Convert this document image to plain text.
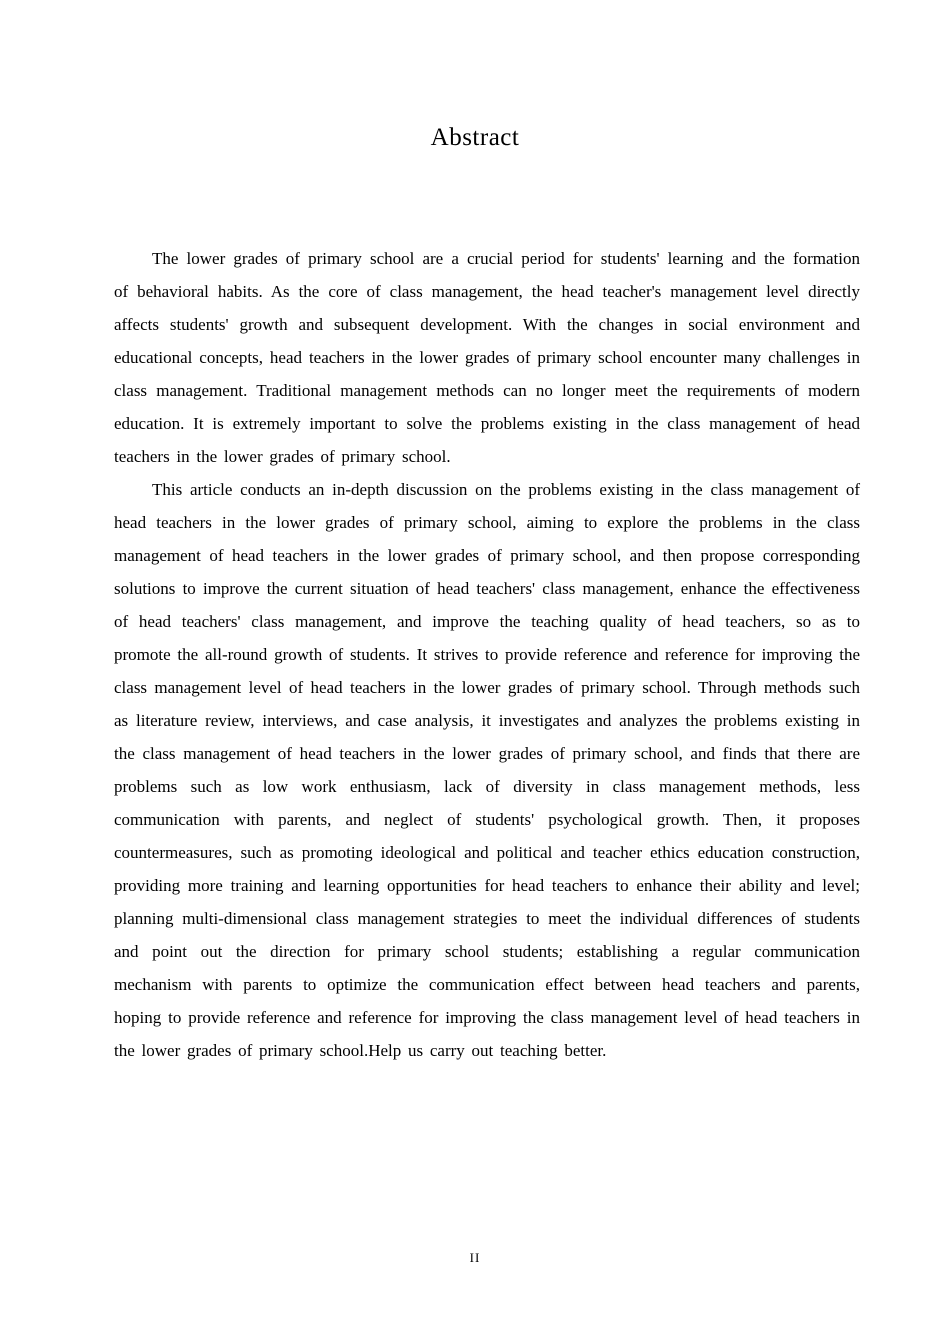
Abstract

The lower grades of primary school are a crucial period for students' learning and the formation of behavioral habits. As the core of class management, the head teacher's management level directly affects students' growth and subsequent development. With the changes in social environment and educational concepts, head teachers in the lower grades of primary school encounter many challenges in class management. Traditional management methods can no longer meet the requirements of modern education. It is extremely important to solve the problems existing in the class management of head teachers in the lower grades of primary school.

This article conducts an in-depth discussion on the problems existing in the class management of head teachers in the lower grades of primary school, aiming to explore the problems in the class management of head teachers in the lower grades of primary school, and then propose corresponding solutions to improve the current situation of head teachers' class management, enhance the effectiveness of head teachers' class management, and improve the teaching quality of head teachers, so as to promote the all-round growth of students. It strives to provide reference and reference for improving the class management level of head teachers in the lower grades of primary school. Through methods such as literature review, interviews, and case analysis, it investigates and analyzes the problems existing in the class management of head teachers in the lower grades of primary school, and finds that there are problems such as low work enthusiasm, lack of diversity in class management methods, less communication with parents, and neglect of students' psychological growth. Then, it proposes countermeasures, such as promoting ideological and political and teacher ethics education construction, providing more training and learning opportunities for head teachers to enhance their ability and level; planning multi-dimensional class management strategies to meet the individual differences of students and point out the direction for primary school students; establishing a regular communication mechanism with parents to optimize the communication effect between head teachers and parents, hoping to provide reference and reference for improving the class management level of head teachers in the lower grades of primary school.Help us carry out teaching better.

II
